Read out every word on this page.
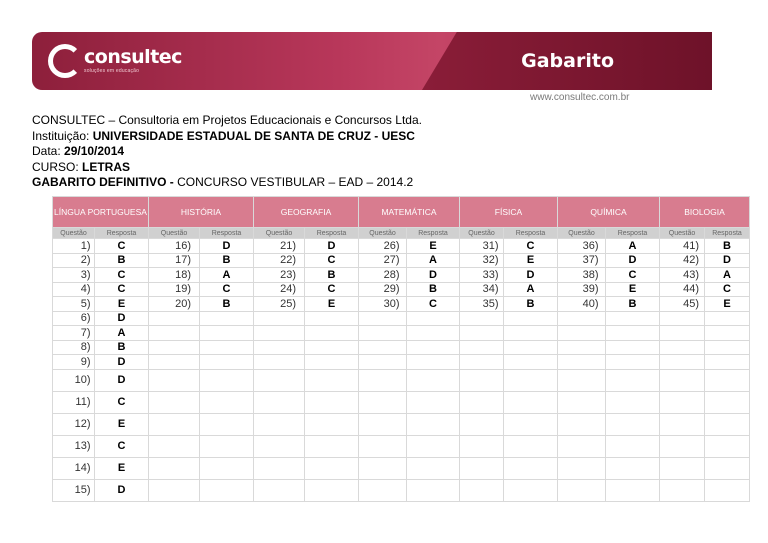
consultec
soluções em educação	Gabarito
www.consultec.com.br
CONSULTEC – Consultoria em Projetos Educacionais e Concursos Ltda.
Instituição: UNIVERSIDADE ESTADUAL DE SANTA DE CRUZ - UESC
Data: 29/10/2014
CURSO: LETRAS
GABARITO DEFINITIVO - CONCURSO VESTIBULAR – EAD – 2014.2
LÍNGUA PORTUGUESA		HISTÓRIA		GEOGRAFIA		MATEMÁTICA		FÍSICA		QUÍMICA		BIOLOGIA	
Questão	Resposta	Questão	Resposta	Questão	Resposta	Questão	Resposta	Questão	Resposta	Questão	Resposta	Questão	Resposta
1)	C	16)	D	21)	D	26)	E	31)	C	36)	A	41)	B
2)	B	17)	B	22)	C	27)	A	32)	E	37)	D	42)	D
3)	C	18)	A	23)	B	28)	D	33)	D	38)	C	43)	A
4)	C	19)	C	24)	C	29)	B	34)	A	39)	E	44)	C
5)	E	20)	B	25)	E	30)	C	35)	B	40)	B	45)	E
6)	D												
7)	A												
8)	B												
9)	D												
10)	D												
11)	C												
12)	E												
13)	C												
14)	E												
15)	D												
